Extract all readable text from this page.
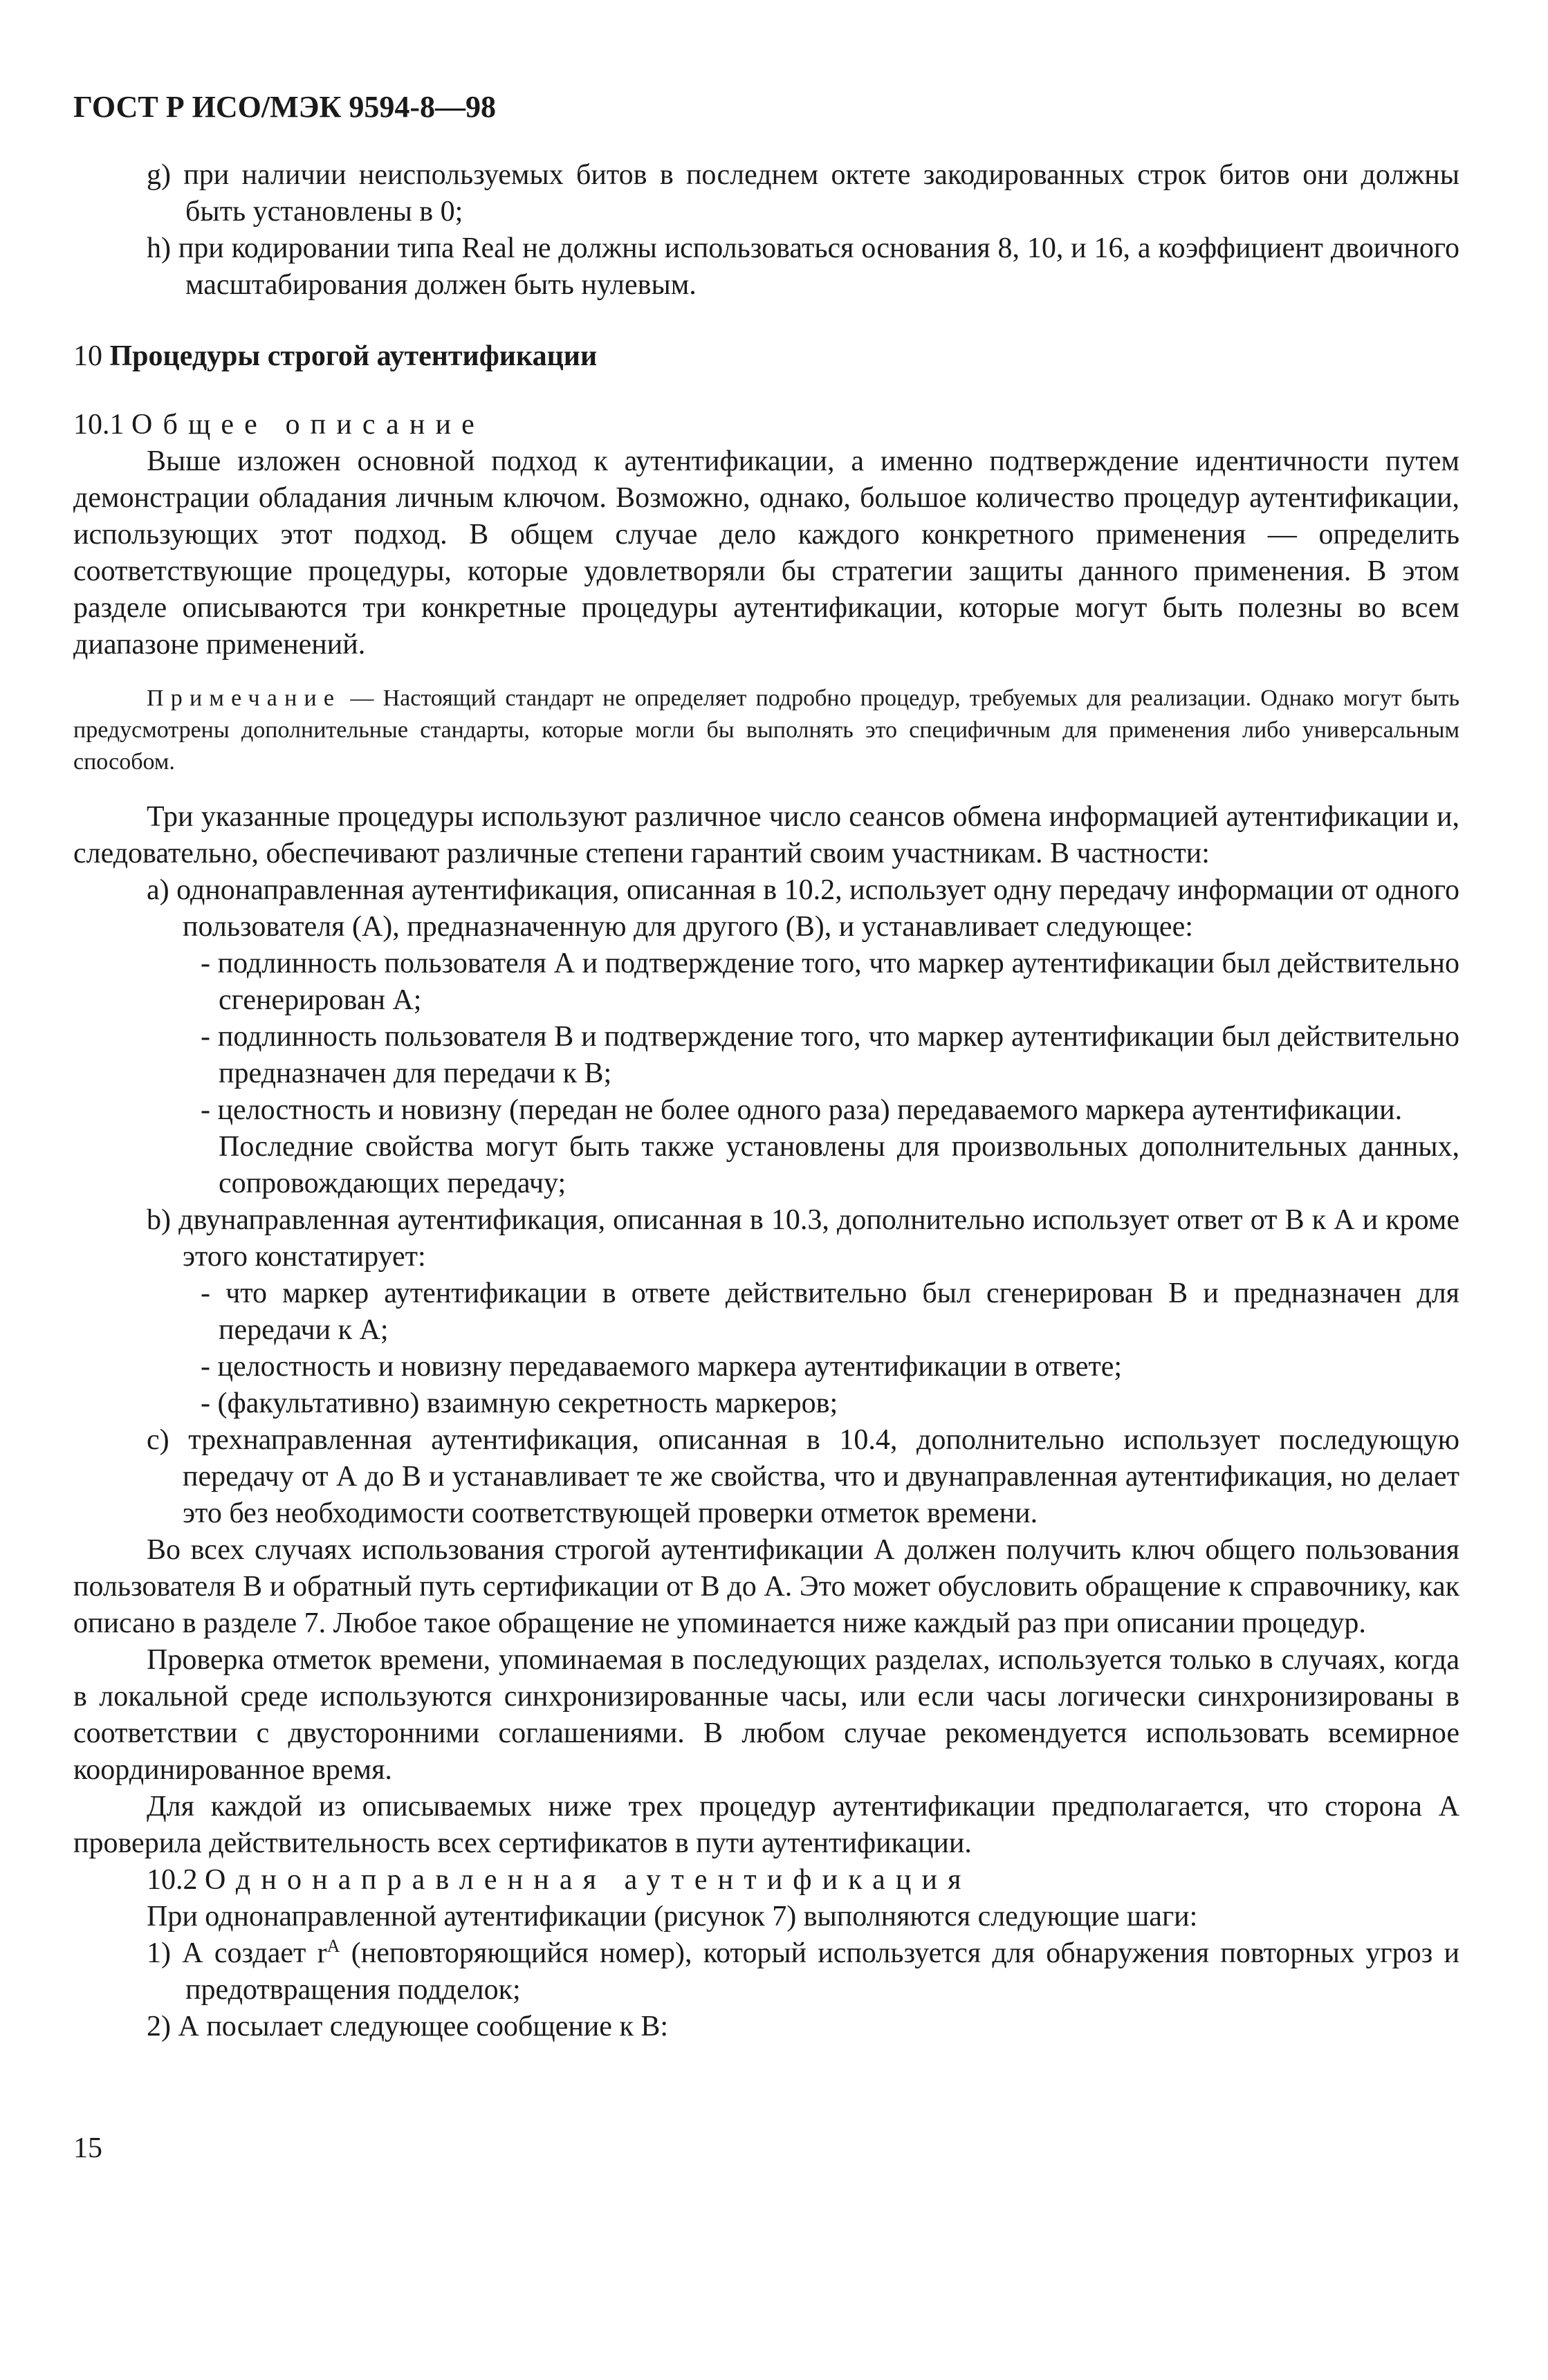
ГОСТ Р ИСО/МЭК 9594-8—98

g) при наличии неиспользуемых битов в последнем октете закодированных строк битов они должны быть установлены в 0;

h) при кодировании типа Real не должны использоваться основания 8, 10, и 16, а коэффициент двоичного масштабирования должен быть нулевым.

10 Процедуры строгой аутентификации
10.1 Общее описание

Выше изложен основной подход к аутентификации, а именно подтверждение идентичности путем демонстрации обладания личным ключом. Возможно, однако, большое количество процедур аутентификации, использующих этот подход. В общем случае дело каждого конкретного применения — определить соответствующие процедуры, которые удовлетворяли бы стратегии защиты данного применения. В этом разделе описываются три конкретные процедуры аутентификации, которые могут быть полезны во всем диапазоне применений.

Примечание — Настоящий стандарт не определяет подробно процедур, требуемых для реализации. Однако могут быть предусмотрены дополнительные стандарты, которые могли бы выполнять это специфичным для применения либо универсальным способом.

Три указанные процедуры используют различное число сеансов обмена информацией аутентификации и, следовательно, обеспечивают различные степени гарантий своим участникам. В частности:

а) однонаправленная аутентификация, описанная в 10.2, использует одну передачу информации от одного пользователя (А), предназначенную для другого (В), и устанавливает следующее:

- подлинность пользователя А и подтверждение того, что маркер аутентификации был действительно сгенерирован А;

- подлинность пользователя В и подтверждение того, что маркер аутентификации был действительно предназначен для передачи к В;

- целостность и новизну (передан не более одного раза) передаваемого маркера аутентификации.

Последние свойства могут быть также установлены для произвольных дополнительных данных, сопровождающих передачу;

b) двунаправленная аутентификация, описанная в 10.3, дополнительно использует ответ от В к А и кроме этого констатирует:

- что маркер аутентификации в ответе действительно был сгенерирован В и предназначен для передачи к А;

- целостность и новизну передаваемого маркера аутентификации в ответе;

- (факультативно) взаимную секретность маркеров;

с) трехнаправленная аутентификация, описанная в 10.4, дополнительно использует последующую передачу от А до В и устанавливает те же свойства, что и двунаправленная аутентификация, но делает это без необходимости соответствующей проверки отметок времени.

Во всех случаях использования строгой аутентификации А должен получить ключ общего пользования пользователя В и обратный путь сертификации от В до А. Это может обусловить обращение к справочнику, как описано в разделе 7. Любое такое обращение не упоминается ниже каждый раз при описании процедур.

Проверка отметок времени, упоминаемая в последующих разделах, используется только в случаях, когда в локальной среде используются синхронизированные часы, или если часы логически синхронизированы в соответствии с двусторонними соглашениями. В любом случае рекомендуется использовать всемирное координированное время.

Для каждой из описываемых ниже трех процедур аутентификации предполагается, что сторона А проверила действительность всех сертификатов в пути аутентификации.

10.2 Однонаправленная аутентификация

При однонаправленной аутентификации (рисунок 7) выполняются следующие шаги:

1) А создает $r^A$ (неповторяющийся номер), который используется для обнаружения повторных угроз и предотвращения подделок;

2) А посылает следующее сообщение к В:

15
